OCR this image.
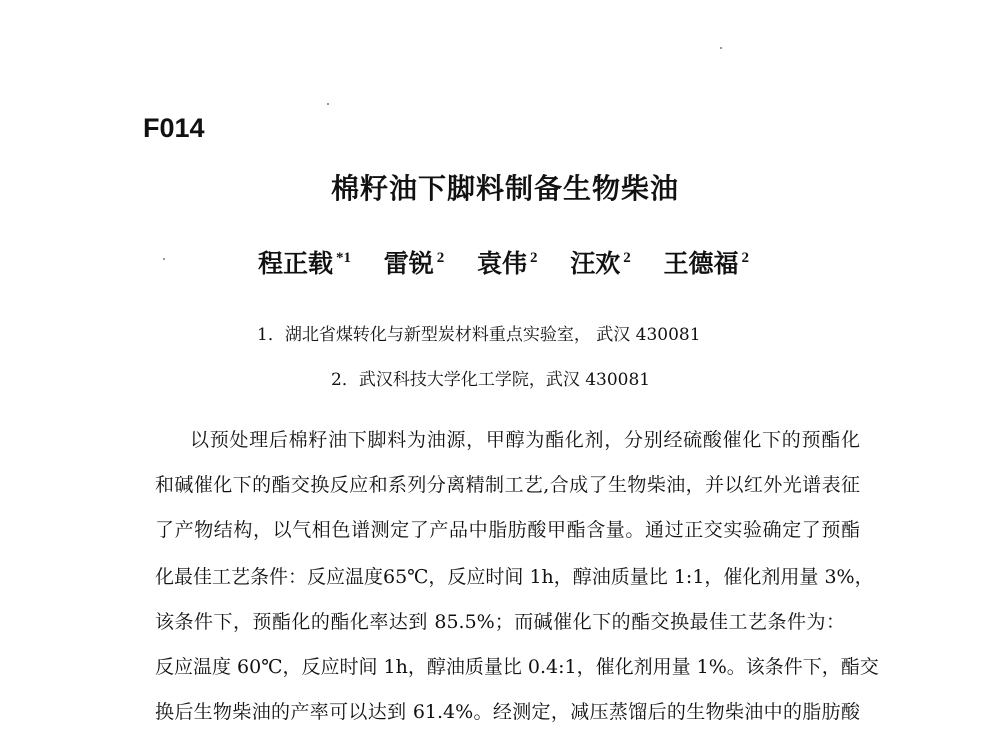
F014
棉籽油下脚料制备生物柴油
程正载 $^{*1}$ 雷锐 $^2$ 袁伟 $^2$ 汪欢 $^2$ 王德福 $^2$
1．湖北省煤转化与新型炭材料重点实验室， 武汉 430081
2．武汉科技大学化工学院，武汉 430081
以预处理后棉籽油下脚料为油源，甲醇为酯化剂，分别经硫酸催化下的预酯化
和碱催化下的酯交换反应和系列分离精制工艺,合成了生物柴油，并以红外光谱表征
了产物结构，以气相色谱测定了产品中脂肪酸甲酯含量。通过正交实验确定了预酯
化最佳工艺条件：反应温度65℃，反应时间 1h，醇油质量比 1:1，催化剂用量 3%，
该条件下，预酯化的酯化率达到 85.5%；而碱催化下的酯交换最佳工艺条件为：
反应温度 60℃，反应时间 1h，醇油质量比 0.4:1，催化剂用量 1%。该条件下，酯交
换后生物柴油的产率可以达到 61.4%。经测定，减压蒸馏后的生物柴油中的脂肪酸
